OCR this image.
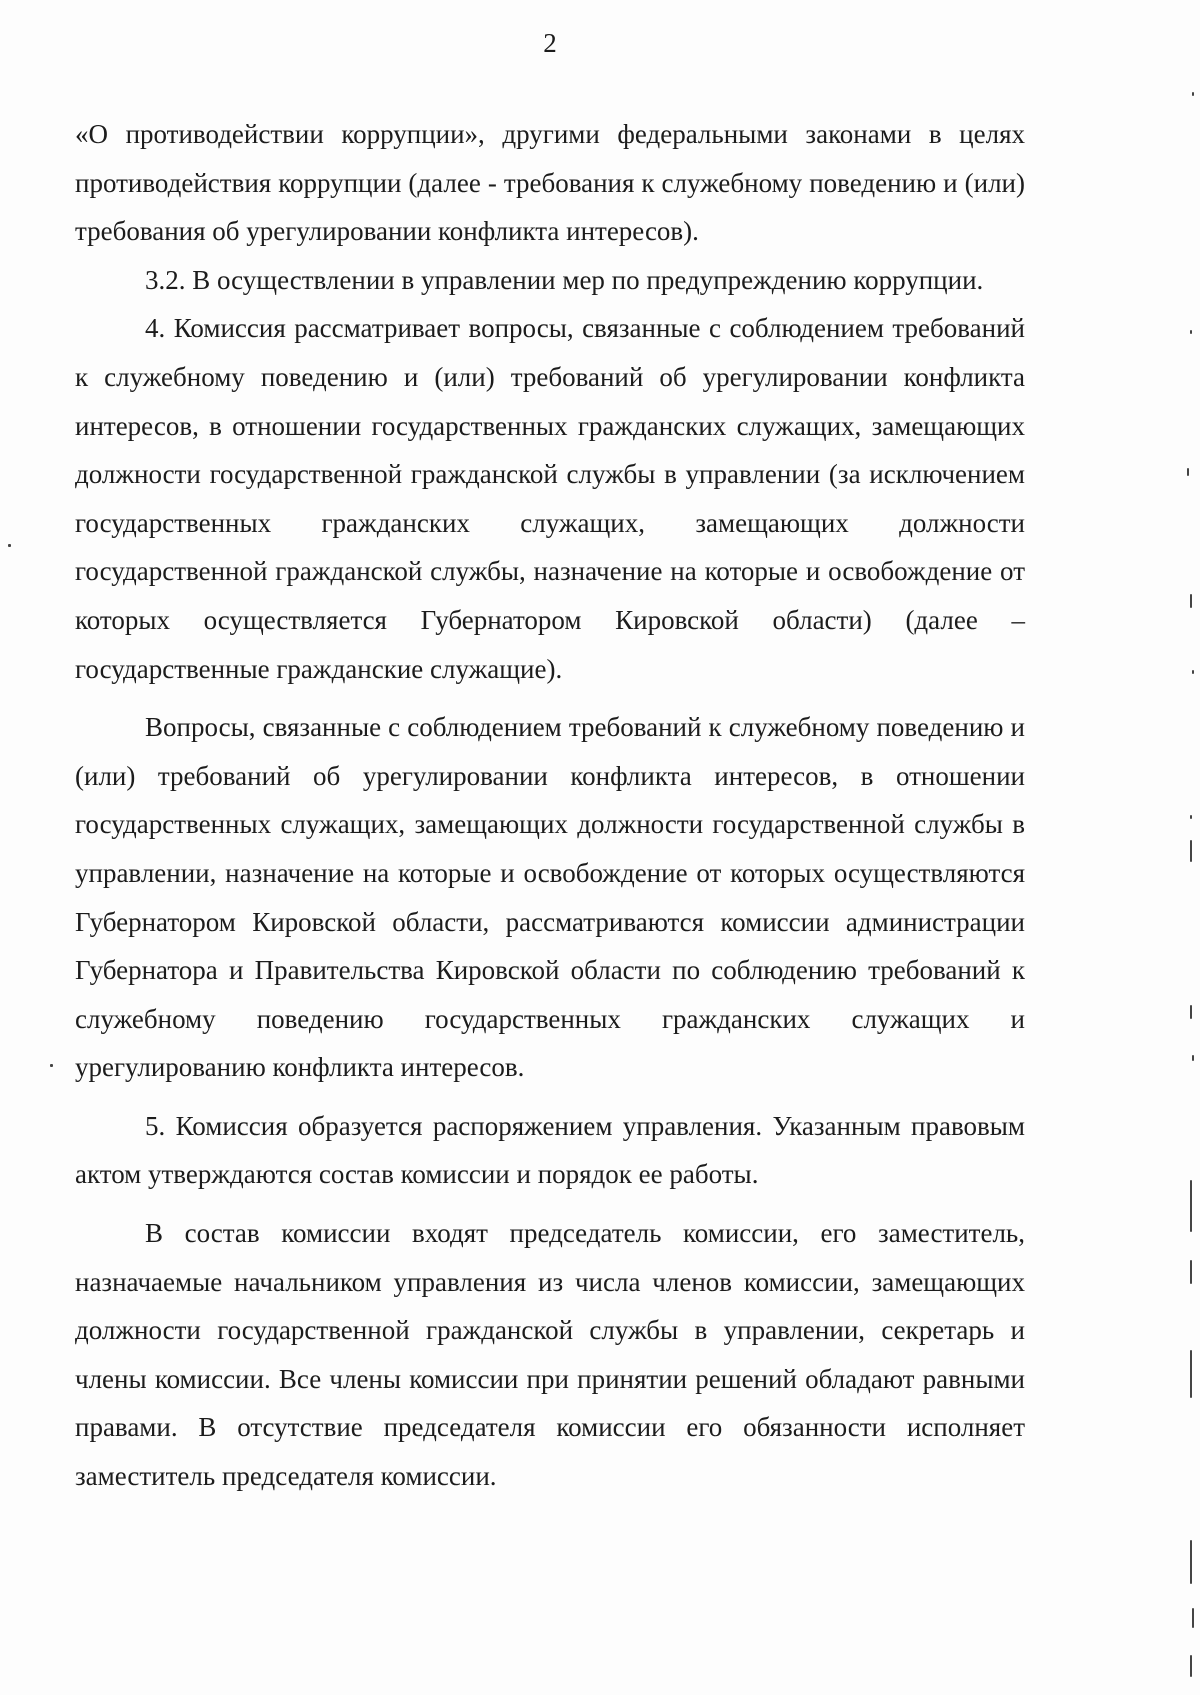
2

«О противодействии коррупции», другими федеральными законами в целях противодействия коррупции (далее - требования к служебному поведению и (или) требования об урегулировании конфликта интересов).

3.2. В осуществлении в управлении мер по предупреждению коррупции.

4. Комиссия рассматривает вопросы, связанные с соблюдением требований к служебному поведению и (или) требований об урегулировании конфликта интересов, в отношении государственных гражданских служащих, замещающих должности государственной гражданской службы в управлении (за исключением государственных гражданских служащих, замещающих должности государственной гражданской службы, назначение на которые и освобождение от которых осуществляется Губернатором Кировской области) (далее – государственные гражданские служащие).

Вопросы, связанные с соблюдением требований к служебному поведению и (или) требований об урегулировании конфликта интересов, в отношении государственных служащих, замещающих должности государственной службы в управлении, назначение на которые и освобождение от которых осуществляются Губернатором Кировской области, рассматриваются комиссии администрации Губернатора и Правительства Кировской области по соблюдению требований к служебному поведению государственных гражданских служащих и урегулированию конфликта интересов.

5. Комиссия образуется распоряжением управления. Указанным правовым актом утверждаются состав комиссии и порядок ее работы.

В состав комиссии входят председатель комиссии, его заместитель, назначаемые начальником управления из числа членов комиссии, замещающих должности государственной гражданской службы в управлении, секретарь и члены комиссии. Все члены комиссии при принятии решений обладают равными правами. В отсутствие председателя комиссии его обязанности исполняет заместитель председателя комиссии.
